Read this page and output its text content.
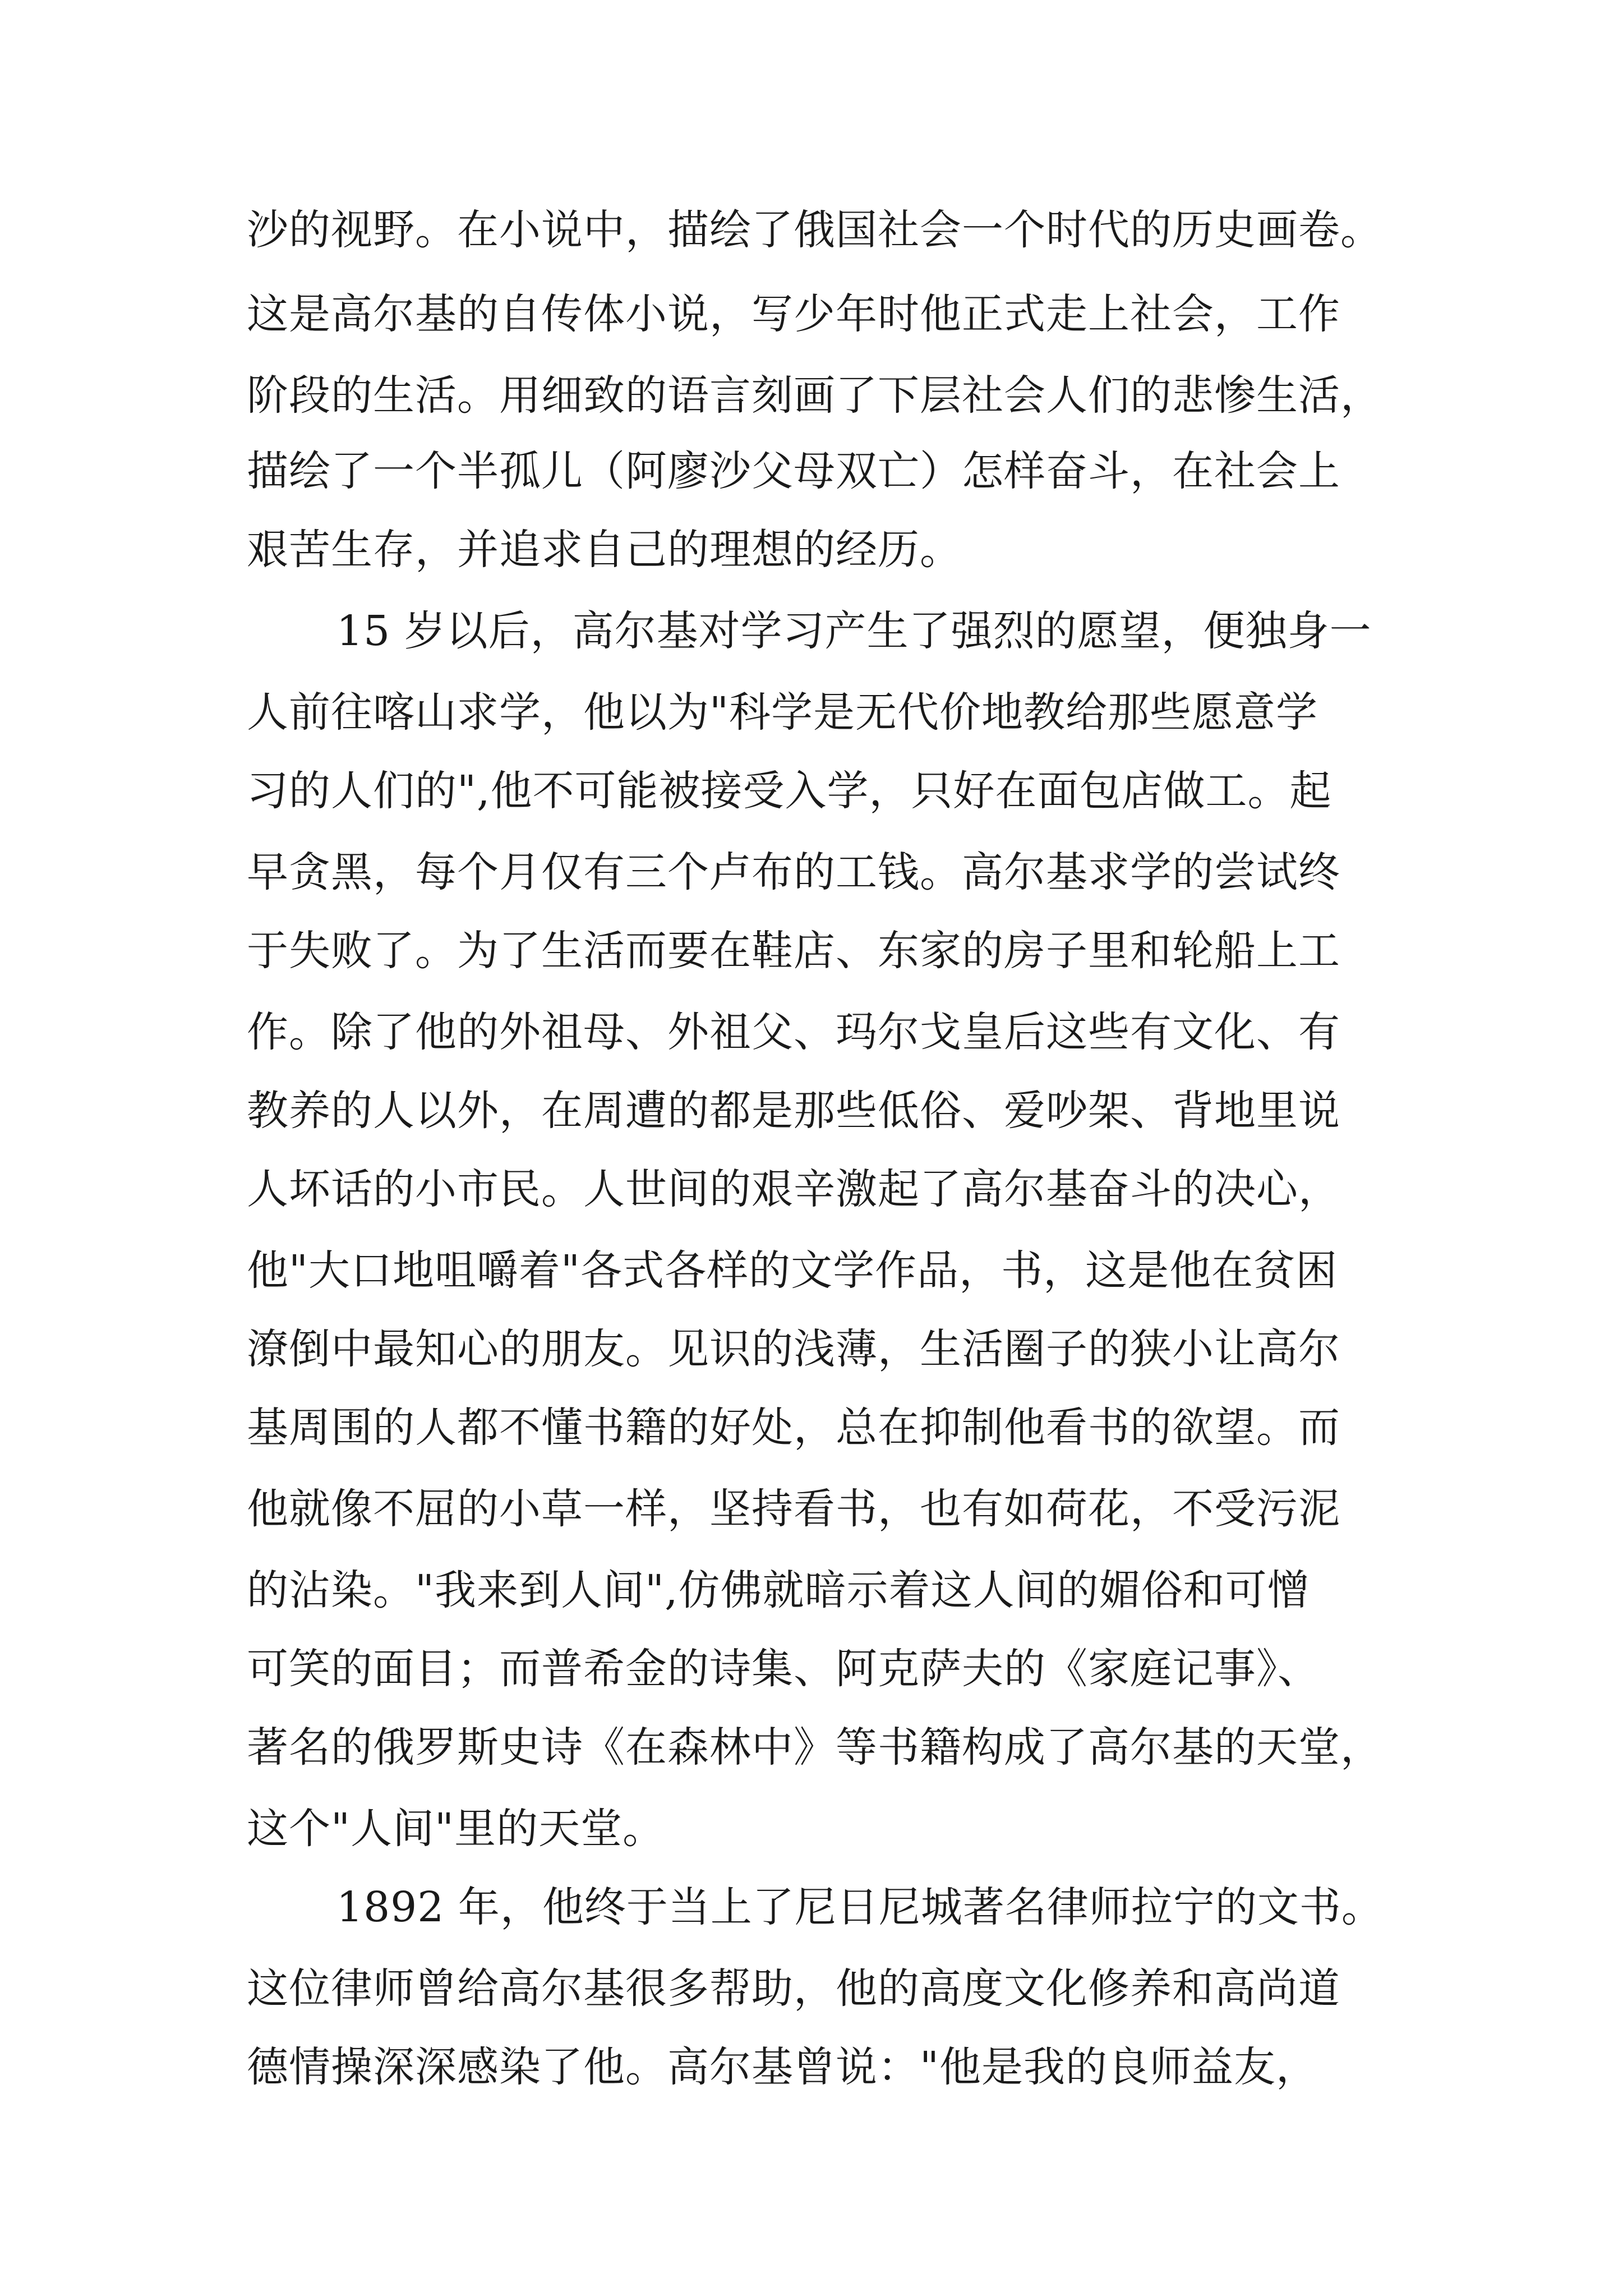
沙的视野。在小说中，描绘了俄国社会一个时代的历史画卷。

这是高尔基的自传体小说，写少年时他正式走上社会，工作

阶段的生活。用细致的语言刻画了下层社会人们的悲惨生活，

描绘了一个半孤儿（阿廖沙父母双亡）怎样奋斗，在社会上

艰苦生存，并追求自己的理想的经历。

15 岁以后，高尔基对学习产生了强烈的愿望，便独身一

人前往喀山求学，他以为"科学是无代价地教给那些愿意学

习的人们的",他不可能被接受入学，只好在面包店做工。起

早贪黑，每个月仅有三个卢布的工钱。高尔基求学的尝试终

于失败了。为了生活而要在鞋店、东家的房子里和轮船上工

作。除了他的外祖母、外祖父、玛尔戈皇后这些有文化、有

教养的人以外，在周遭的都是那些低俗、爱吵架、背地里说

人坏话的小市民。人世间的艰辛激起了高尔基奋斗的决心，

他"大口地咀嚼着"各式各样的文学作品，书，这是他在贫困

潦倒中最知心的朋友。见识的浅薄，生活圈子的狭小让高尔

基周围的人都不懂书籍的好处，总在抑制他看书的欲望。而

他就像不屈的小草一样，坚持看书，也有如荷花，不受污泥

的沾染。"我来到人间",仿佛就暗示着这人间的媚俗和可憎

可笑的面目；而普希金的诗集、阿克萨夫的《家庭记事》、

著名的俄罗斯史诗《在森林中》等书籍构成了高尔基的天堂，

这个"人间"里的天堂。

1892 年，他终于当上了尼日尼城著名律师拉宁的文书。

这位律师曾给高尔基很多帮助，他的高度文化修养和高尚道

德情操深深感染了他。高尔基曾说："他是我的良师益友，
